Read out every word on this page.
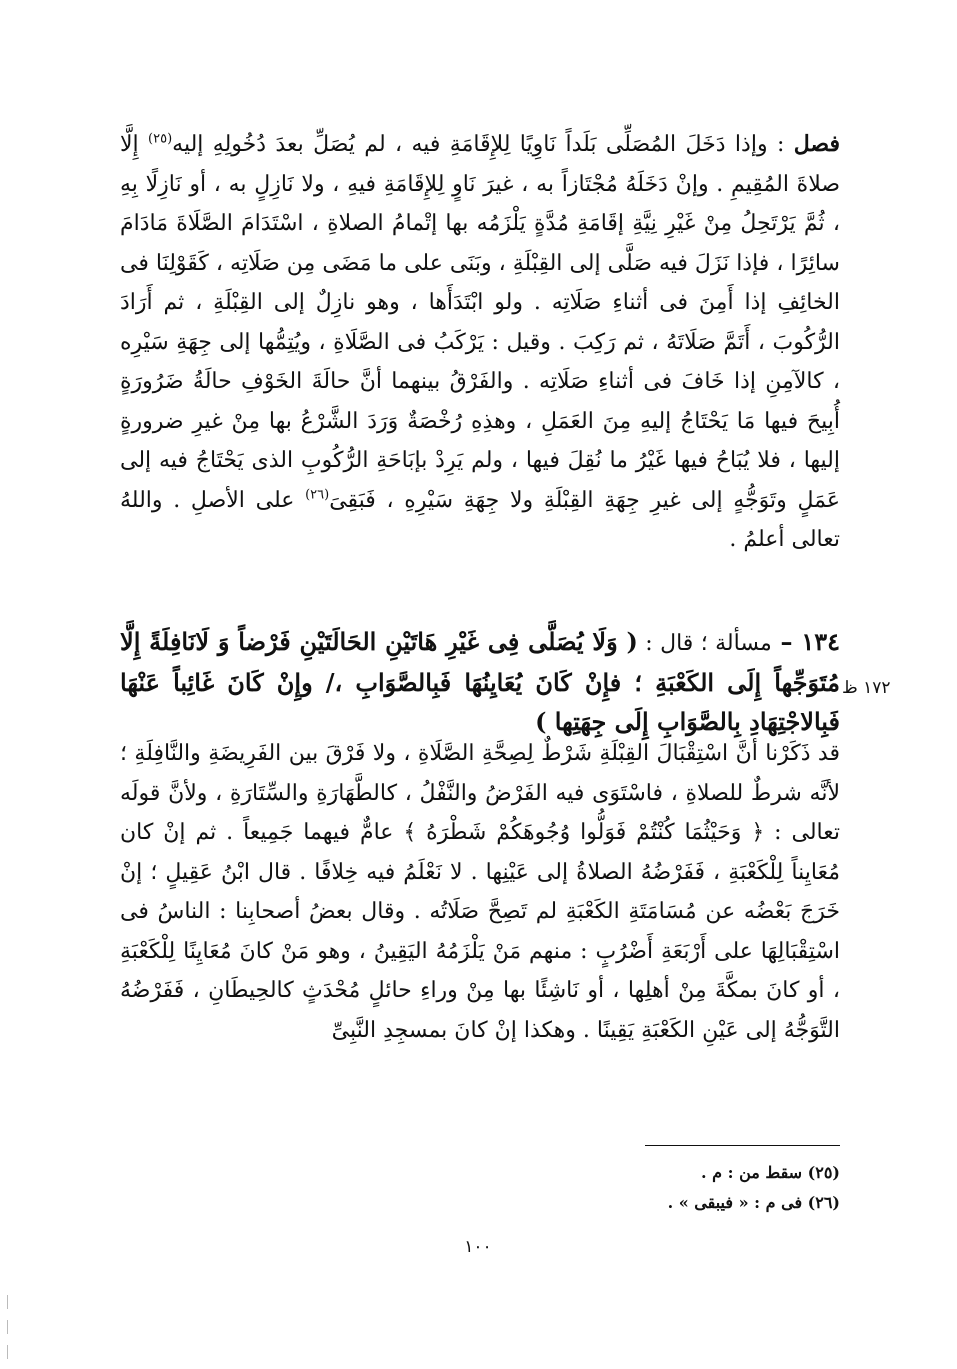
فصل : وإذا دَخَلَ المُصَلِّى بَلَداً نَاوِيًا لِلإِقَامَةِ فيه ، لم يُصَلِّ بعدَ دُخُولِهِ إليه$^{(٢٥)}$ إِلَّا صلاةَ المُقِيمِ . وإنْ دَخَلَهُ مُجْتَازاً به ، غيرَ نَاوٍ لِلإِقَامَةِ فيهِ ، ولا نَازِلٍ به ، أو نَازِلًا بِهِ ، ثُمَّ يَرْتَحِلُ مِنْ غَيْرِ نِيَّةِ إقَامَةِ مُدَّةٍ يَلْزَمُه بها إتْمامُ الصلاةِ ، اسْتَدَامَ الصَّلَاةَ مَادَامَ سائِرًا ، فإذا نَزَلَ فيه صَلَّى إلى القِبْلَةِ ، وبَنَى على ما مَضَى مِن صَلَاتِه ، كَقَوْلِنَا فى الخائِفِ إذا أَمِنَ فى أثناءِ صَلَاتِه . ولو ابْتَدَأَها ، وهو نازِلٌ إلى القِبْلَةِ ، ثم أَرَادَ الرُّكُوبَ ، أَتَمَّ صَلَاتَهُ ، ثم رَكِبَ . وقيل : يَرْكَبُ فى الصَّلَاةِ ، ويُتِمُّها إلى جِهَةِ سَيْرِه ، كالآمِنِ إذا خَافَ فى أثناءِ صَلَاتِه . والفَرْقُ بينهما أنَّ حالَةَ الخَوْفِ حالَةُ ضَرُورَةٍ أُبِيحَ فيها مَا يَحْتَاجُ إليهِ مِنَ العَمَلِ ، وهذِهِ رُخْصَةٌ وَرَدَ الشَّرْعُ بها مِنْ غيرِ ضرورةٍ إليها ، فلا يُبَاحُ فيها غَيْرُ ما نُقِلَ فيها ، ولم يَرِدْ بإبَاحَةِ الرُّكُوبِ الذى يَحْتَاجُ فيه إلى عَمَلٍ وتَوَجُّهٍ إلى غيرِ جِهَةِ القِبْلَةِ ولا جِهَةِ سَيْرِهِ ، فَبَقِىَ$^{(٢٦)}$ على الأصلِ . واللهُ تعالى أعلمُ .
١٣٤ – مسألة ؛ قال : ( وَلَا يُصَلَّى فِى غَيْرِ هَاتَيْنِ الحَالَتَيْنِ فَرْضاً وَ لَانَافِلَةً إِلَّا مُتَوَجِّهاً إِلَى الكَعْبَةِ ؛ فإِنْ كَانَ يُعَايِنُهَا فَبِالصَّوَابِ ،/ وإِنْ كَانَ غَائِباً عَنْهَا فَبِالاجْتِهَادِ بِالصَّوَابِ إِلَى جِهَتِها )
١٧٢ ظ
قد ذَكَرْنا أنَّ اسْتِقْبَالَ القِبْلَةِ شَرْطٌ لِصِحَّةِ الصَّلَاةِ ، ولا فَرْقَ بين الفَرِيضَةِ والنَّافِلَةِ ؛ لأنَّه شرطٌ للصلاةِ ، فاسْتَوَى فيه الفَرْضُ والنَّفْلُ ، كالطَّهَارَةِ والسِّتَارَةِ ، ولأنَّ قولَه تعالى : ﴿ وَحَيْثُمَا كُنْتُمْ فَوَلُّوا وُجُوهَكُمْ شَطْرَهُ ﴾ عامٌّ فيهما جَمِيعاً . ثم إنْ كان مُعَايِناً لِلْكَعْبَةِ ، فَفَرْضُهُ الصلاةُ إلى عَيْنِها . لا نَعْلَمُ فيه خِلافًا . قال ابْنُ عَقِيلٍ ؛ إنْ خَرَجَ بَعْضُه عن مُسَامَتَةِ الكَعْبَةِ لم تَصِحَّ صَلَاتُه . وقال بعضُ أصحابِنا : الناسُ فى اسْتِقْبَالِهَا على أَرْبَعَةِ أَضْرُبٍ : منهم مَنْ يَلْزَمُهُ اليَقِينُ ، وهو مَنْ كانَ مُعَايِنًا لِلْكَعْبَةِ ، أو كانَ بمكَّةَ مِنْ أهلِها ، أو نَاشِئًا بها مِنْ وراءِ حائلٍ مُحْدَثٍ كالحِيطَانِ ، فَفَرْضُهُ التَّوَجُّهُ إلى عَيْنِ الكَعْبَةِ يَقِينًا . وهكذا إنْ كانَ بمسجِدِ النَّبِىِّ
(٢٥) سقط من : م .
(٢٦) فى م : « فيبقى » .
١٠٠
